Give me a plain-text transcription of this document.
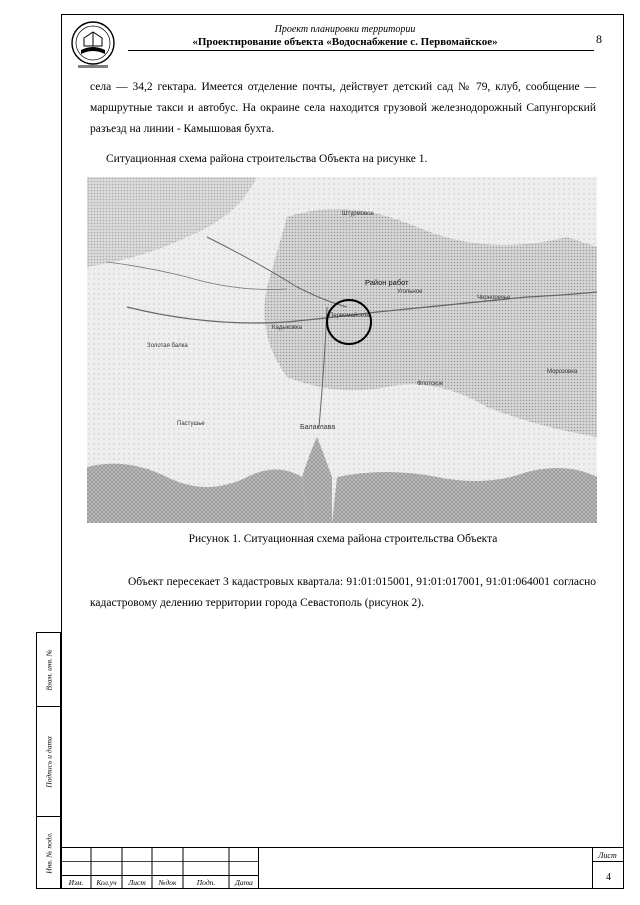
Проект планировки территории
«Проектирование объекта «Водоснабжение с. Первомайское»	8
села — 34,2 гектара. Имеется отделение почты, действует детский сад № 79, клуб, сообщение — маршрутные такси и автобус. На окраине села находится грузовой железнодорожный Сапунгорский разъезд на линии - Камышовая бухта.
Ситуационная схема района строительства Объекта на рисунке 1.
Штурмовое
Район работ
Первомайское
Угольное
Черноречье
Золотая балка
Кадыковка
Балаклава
Пастушье
Флотское
Морозовка
Рисунок 1. Ситуационная схема района строительства Объекта
Объект пересекает 3 кадастровых квартала: 91:01:015001, 91:01:017001, 91:01:064001 согласно кадастровому делению территории города Севастополь (рисунок 2).
Взам. инв. №
Подпись и дата
Инв. № подл.
Изм.	Кол.уч	Лист	№док	Подп.	Дата
Лист
4
